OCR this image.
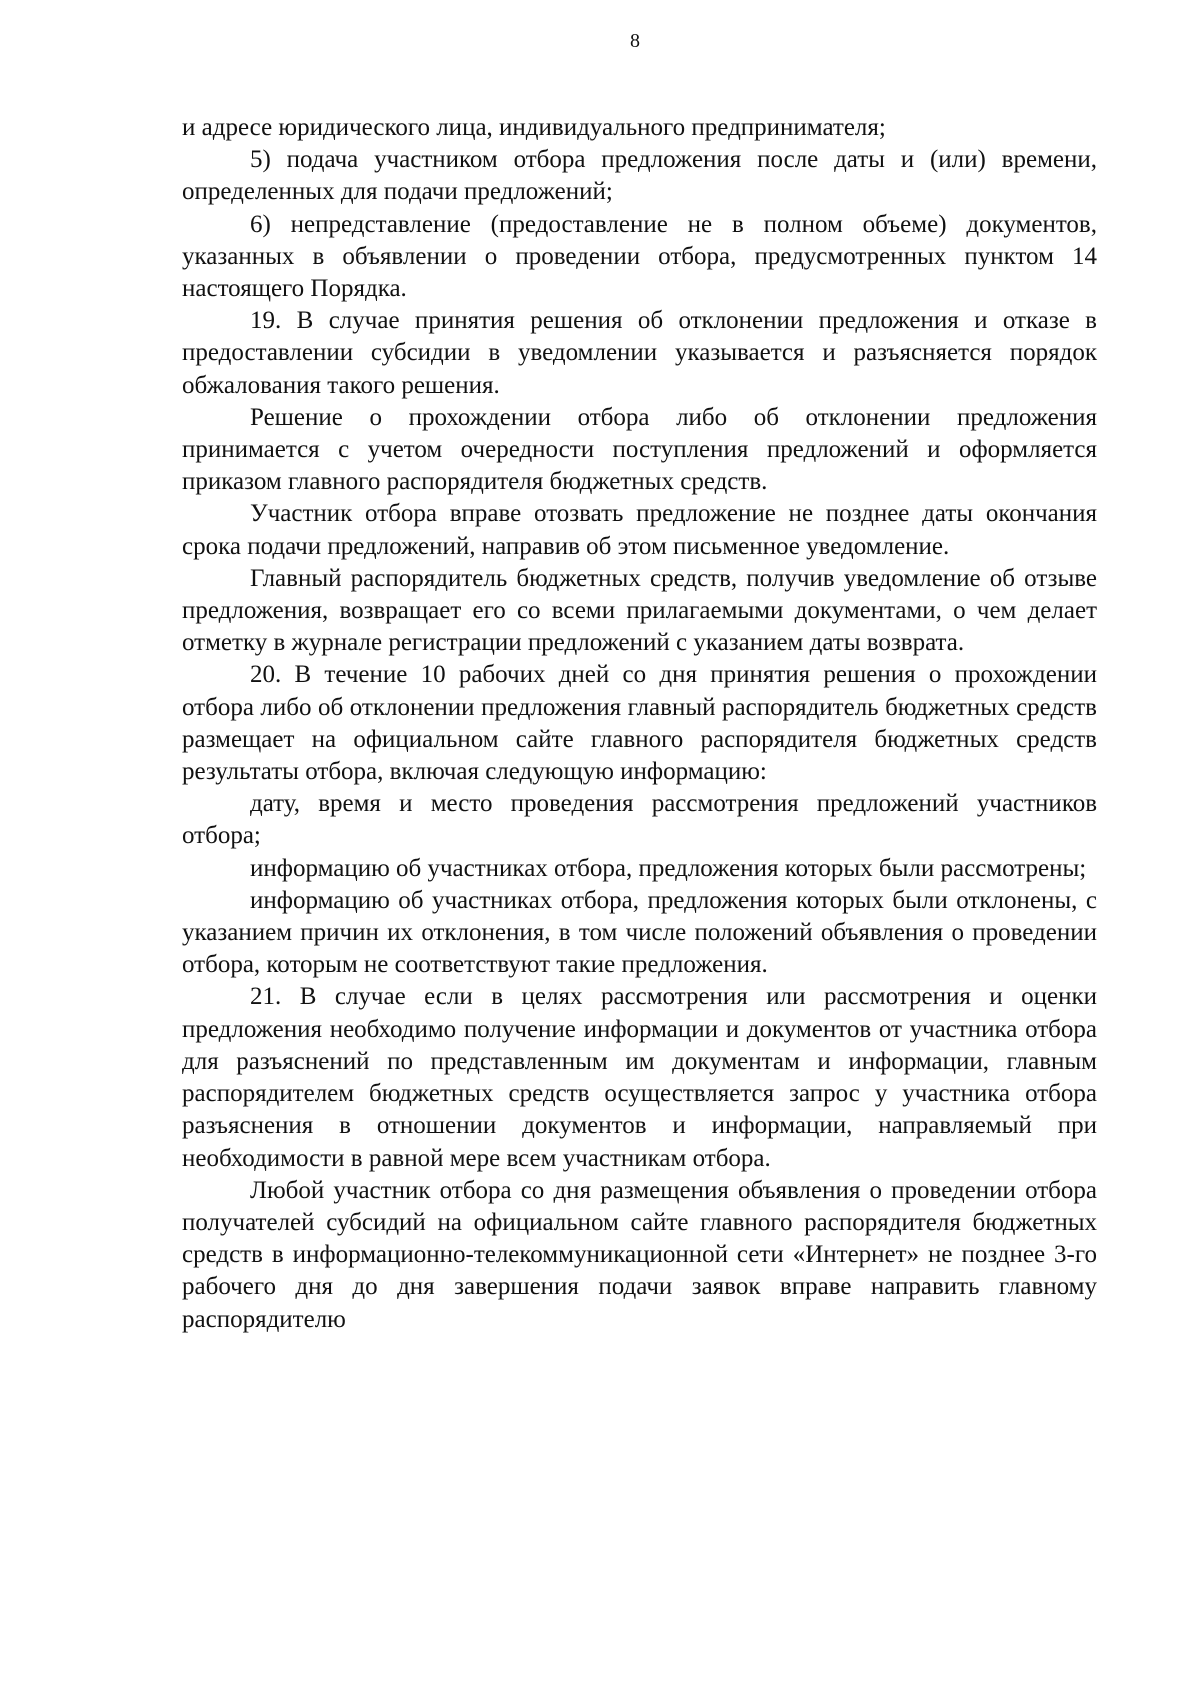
8

и адресе юридического лица, индивидуального предпринимателя;

5) подача участником отбора предложения после даты и (или) времени, определенных для подачи предложений;

6) непредставление (предоставление не в полном объеме) документов, указанных в объявлении о проведении отбора, предусмотренных пунктом 14 настоящего Порядка.

19. В случае принятия решения об отклонении предложения и отказе в предоставлении субсидии в уведомлении указывается и разъясняется порядок обжалования такого решения.

Решение о прохождении отбора либо об отклонении предложения принимается с учетом очередности поступления предложений и оформляется приказом главного распорядителя бюджетных средств.

Участник отбора вправе отозвать предложение не позднее даты окончания срока подачи предложений, направив об этом письменное уведомление.

Главный распорядитель бюджетных средств, получив уведомление об отзыве предложения, возвращает его со всеми прилагаемыми документами, о чем делает отметку в журнале регистрации предложений с указанием даты возврата.

20. В течение 10 рабочих дней со дня принятия решения о прохождении отбора либо об отклонении предложения главный распорядитель бюджетных средств размещает на официальном сайте главного распорядителя бюджетных средств результаты отбора, включая следующую информацию:

дату, время и место проведения рассмотрения предложений участников отбора;

информацию об участниках отбора, предложения которых были рассмотрены;

информацию об участниках отбора, предложения которых были отклонены, с указанием причин их отклонения, в том числе положений объявления о проведении отбора, которым не соответствуют такие предложения.

21. В случае если в целях рассмотрения или рассмотрения и оценки предложения необходимо получение информации и документов от участника отбора для разъяснений по представленным им документам и информации, главным распорядителем бюджетных средств осуществляется запрос у участника отбора разъяснения в отношении документов и информации, направляемый при необходимости в равной мере всем участникам отбора.

Любой участник отбора со дня размещения объявления о проведении отбора получателей субсидий на официальном сайте главного распорядителя бюджетных средств в информационно-телекоммуникационной сети «Интернет» не позднее 3-го рабочего дня до дня завершения подачи заявок вправе направить главному распорядителю
